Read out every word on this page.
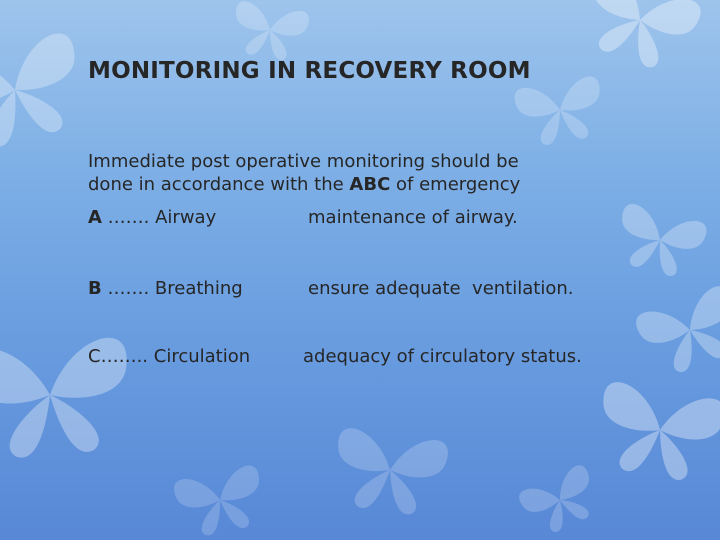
MONITORING IN RECOVERY ROOM
Immediate post operative monitoring should be
done in accordance with the ABC of emergency
A ……. Airway	maintenance of airway.
B ……. Breathing	ensure adequate  ventilation.
C…….. Circulation	adequacy of circulatory status.
